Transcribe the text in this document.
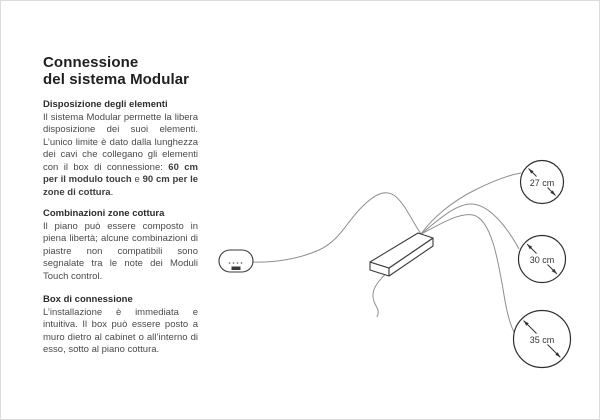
Connessione
del sistema Modular
Disposizione degli elementi

Il sistema Modular permette la libera disposizione dei suoi elementi. L’unico limite è dato dalla lunghezza dei cavi che collegano gli elementi con il box di connessione: 60 cm per il modulo touch e 90 cm per le zone di cottura.

Combinazioni zone cottura

Il piano può essere composto in piena libertà; alcune combinazioni di piastre non compatibili sono segnalate tra le note dei Moduli Touch control.

Box di connessione

L’installazione è immediata e intuitiva. Il box può essere posto a muro dietro al cabinet o all’interno di esso, sotto al piano cottura.

27 cm
30 cm
35 cm
